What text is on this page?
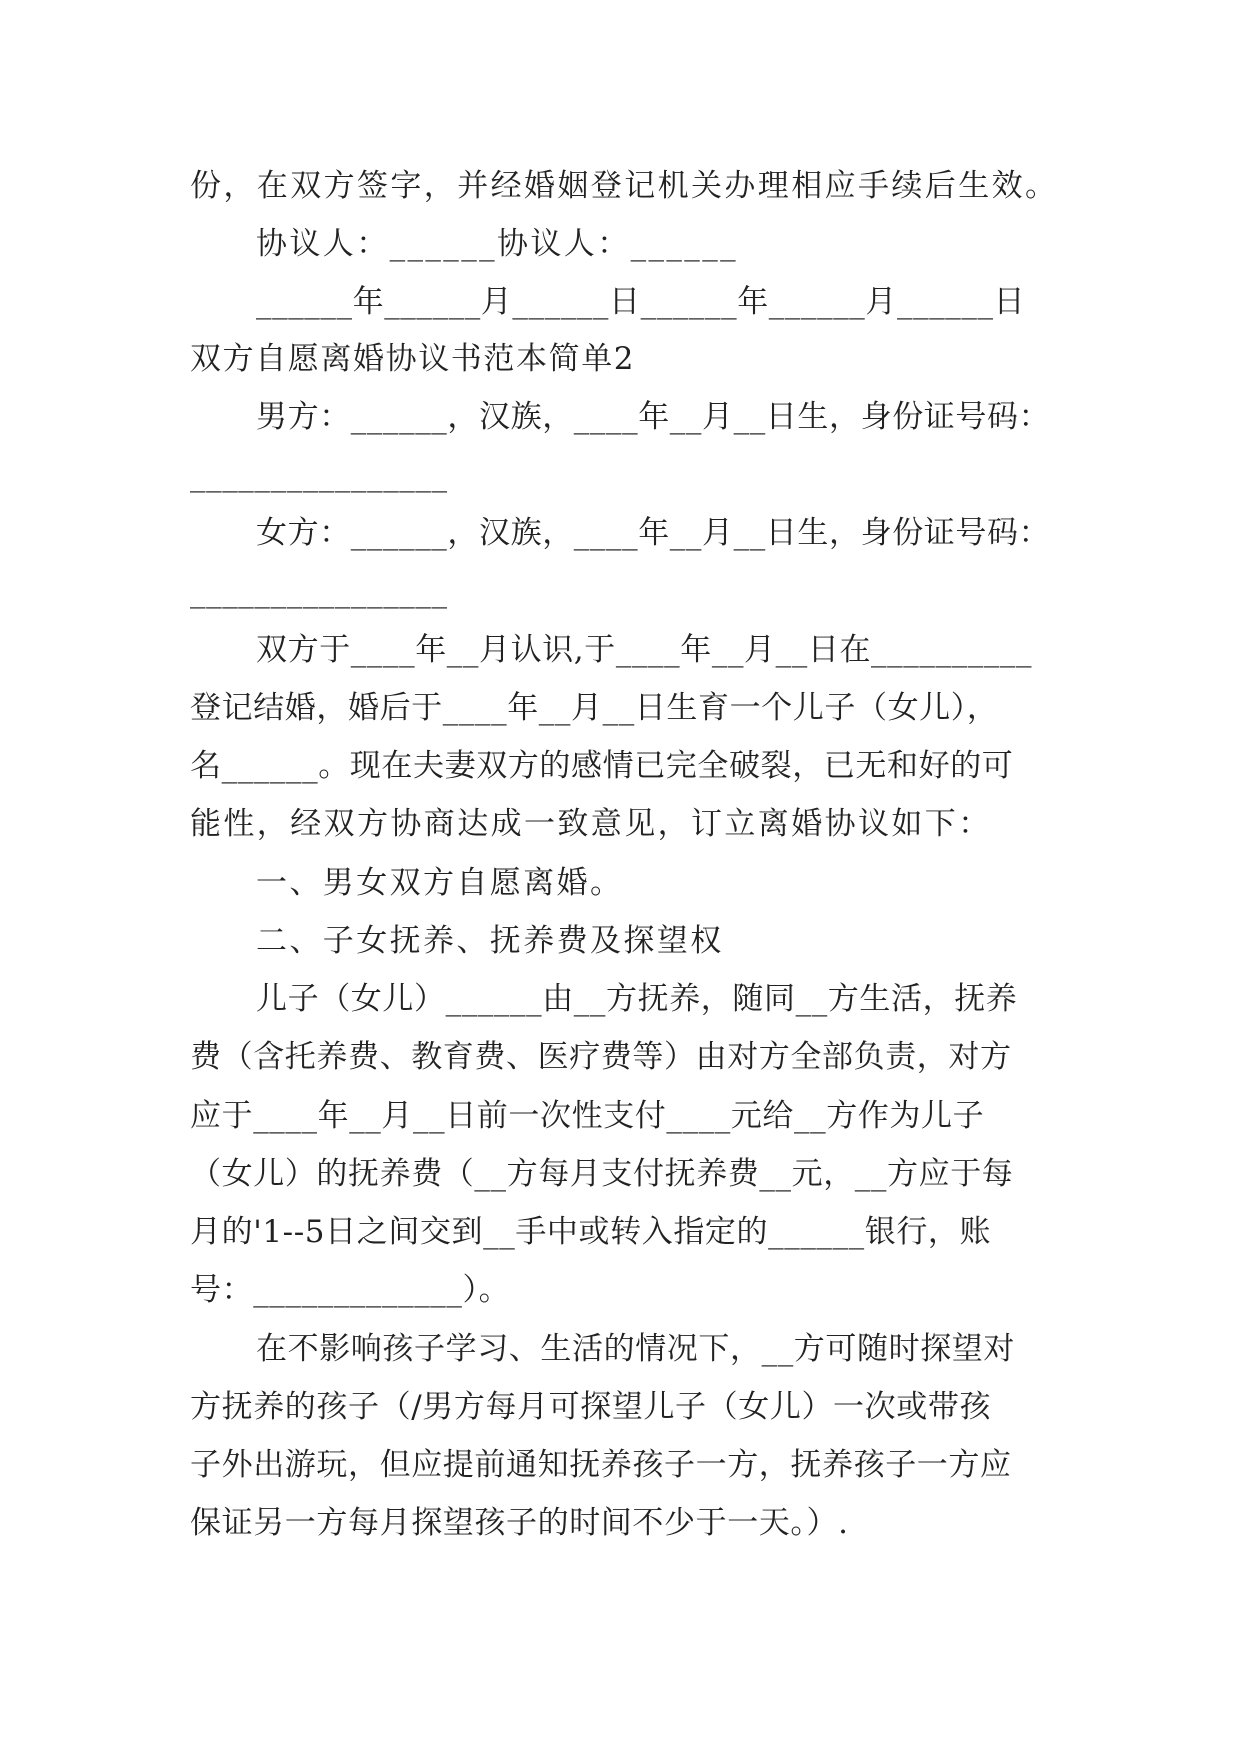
份，在双方签字，并经婚姻登记机关办理相应手续后生效。
协议人：______协议人：______
______年______月______日______年______月______日
双方自愿离婚协议书范本简单2
男方：______，汉族，____年__月__日生，身份证号码：
________________
女方：______，汉族，____年__月__日生，身份证号码：
________________
双方于____年__月认识,于____年__月__日在__________
登记结婚，婚后于____年__月__日生育一个儿子（女儿），
名______。现在夫妻双方的感情已完全破裂，已无和好的可
能性，经双方协商达成一致意见，订立离婚协议如下：
一、男女双方自愿离婚。
二、子女抚养、抚养费及探望权
儿子（女儿）______由__方抚养，随同__方生活，抚养
费（含托养费、教育费、医疗费等）由对方全部负责，对方
应于____年__月__日前一次性支付____元给__方作为儿子
（女儿）的抚养费（__方每月支付抚养费__元，__方应于每
月的'1--5日之间交到__手中或转入指定的______银行，账
号：_____________）。
在不影响孩子学习、生活的情况下，__方可随时探望对
方抚养的孩子（/男方每月可探望儿子（女儿）一次或带孩
子外出游玩，但应提前通知抚养孩子一方，抚养孩子一方应
保证另一方每月探望孩子的时间不少于一天。）.
